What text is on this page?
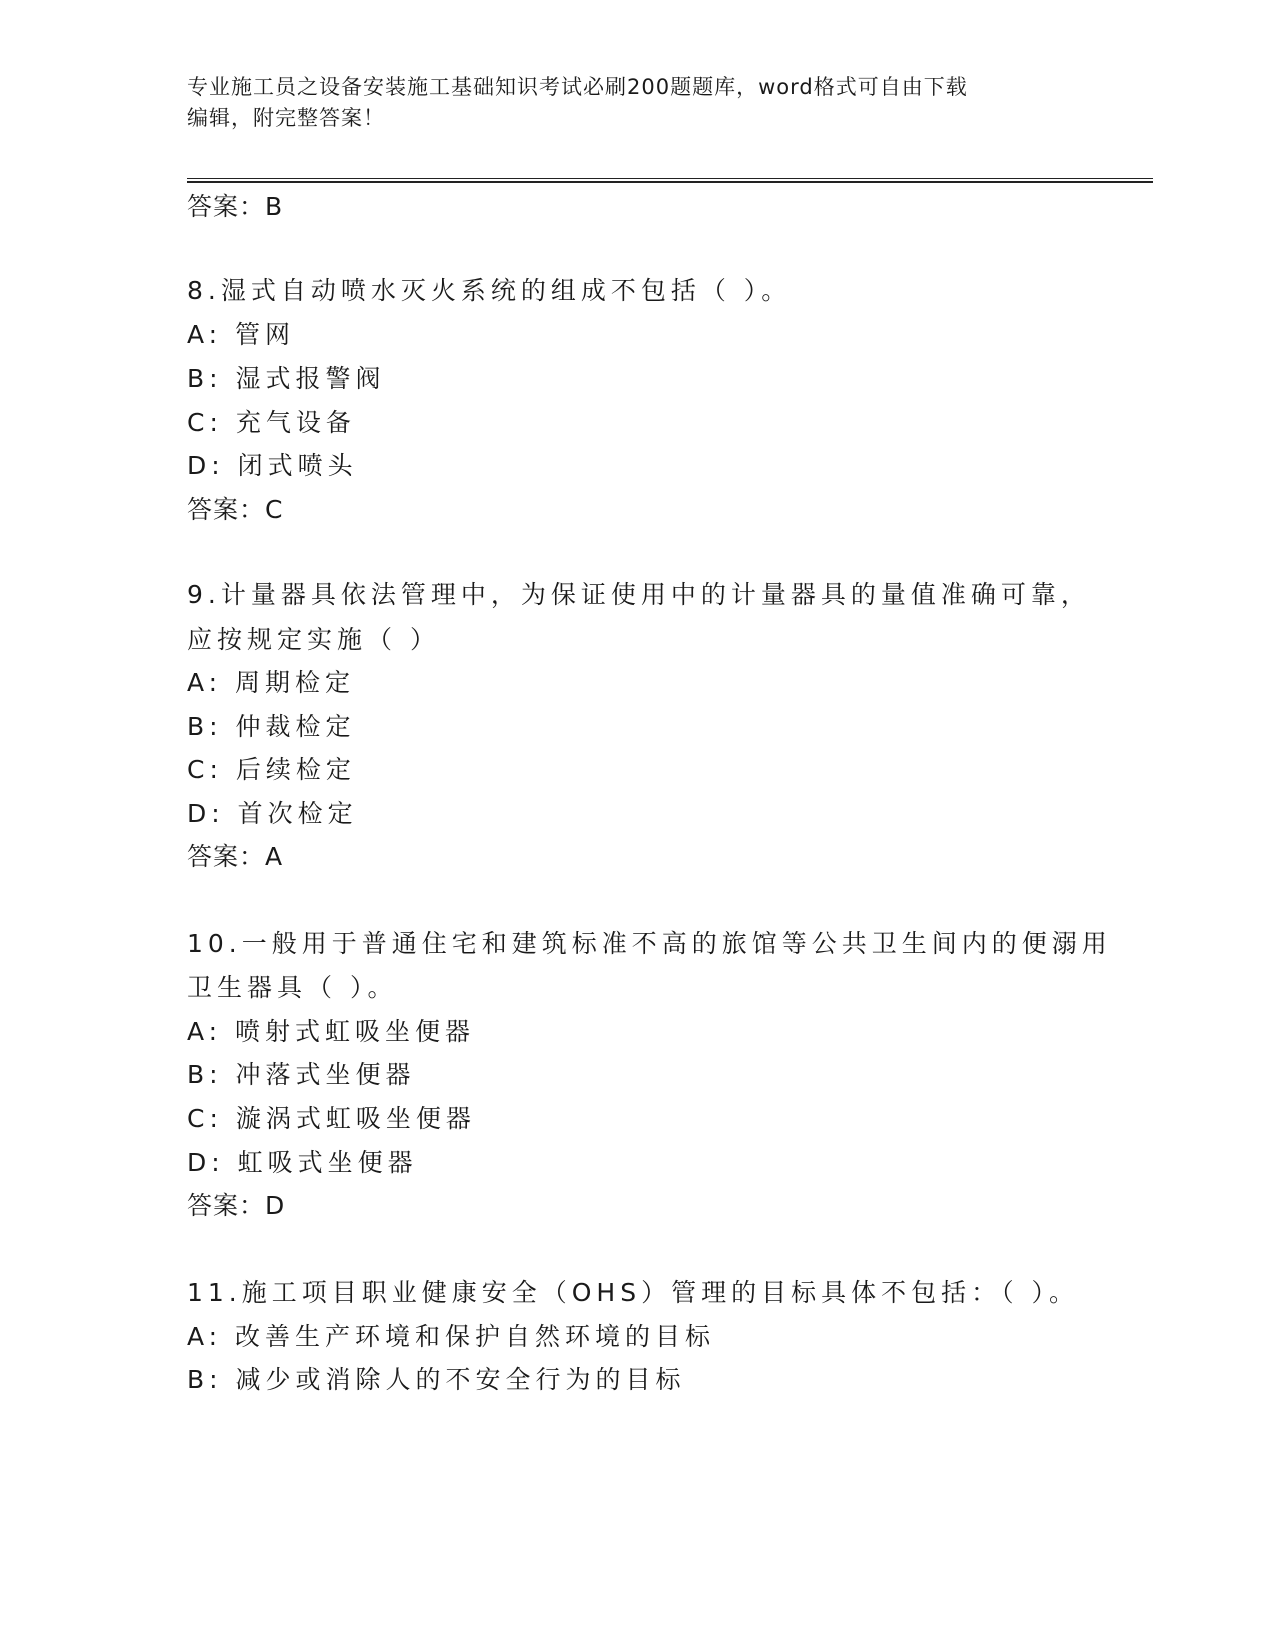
专业施工员之设备安装施工基础知识考试必刷200题题库，word格式可自由下载
编辑，附完整答案！
答案：B
8.湿式自动喷水灭火系统的组成不包括（ ）。
A: 管网
B: 湿式报警阀
C: 充气设备
D: 闭式喷头
答案：C
9.计量器具依法管理中，为保证使用中的计量器具的量值准确可靠，
应按规定实施（ ）
A: 周期检定
B: 仲裁检定
C: 后续检定
D: 首次检定
答案：A
10.一般用于普通住宅和建筑标准不高的旅馆等公共卫生间内的便溺用
卫生器具（ ）。
A: 喷射式虹吸坐便器
B: 冲落式坐便器
C: 漩涡式虹吸坐便器
D: 虹吸式坐便器
答案：D
11.施工项目职业健康安全（OHS）管理的目标具体不包括：（ ）。
A: 改善生产环境和保护自然环境的目标
B: 减少或消除人的不安全行为的目标
